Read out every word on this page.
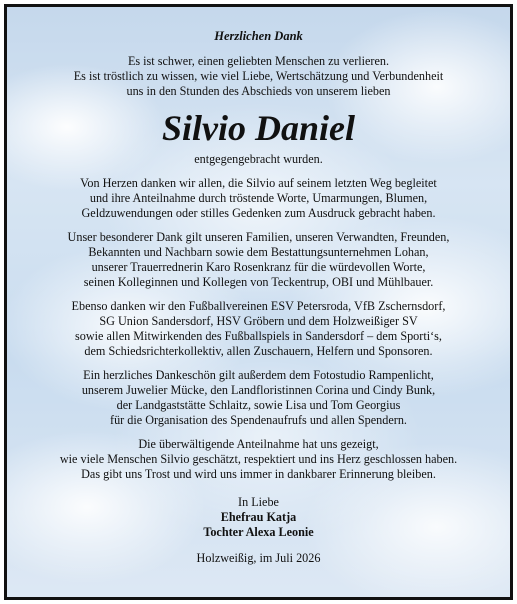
Herzlichen Dank

Es ist schwer, einen geliebten Menschen zu verlieren.
Es ist tröstlich zu wissen, wie viel Liebe, Wertschätzung und Verbundenheit
uns in den Stunden des Abschieds von unserem lieben

Silvio Daniel

entgegengebracht wurden.

Von Herzen danken wir allen, die Silvio auf seinem letzten Weg begleitet
und ihre Anteilnahme durch tröstende Worte, Umarmungen, Blumen,
Geldzuwendungen oder stilles Gedenken zum Ausdruck gebracht haben.

Unser besonderer Dank gilt unseren Familien, unseren Verwandten, Freunden,
Bekannten und Nachbarn sowie dem Bestattungsunternehmen Lohan,
unserer Trauerrednerin Karo Rosenkranz für die würdevollen Worte,
seinen Kolleginnen und Kollegen von Teckentrup, OBI und Mühlbauer.

Ebenso danken wir den Fußballvereinen ESV Petersroda, VfB Zschernsdorf,
SG Union Sandersdorf, HSV Gröbern und dem Holzweißiger SV
sowie allen Mitwirkenden des Fußballspiels in Sandersdorf – dem Sporti‘s,
dem Schiedsrichterkollektiv, allen Zuschauern, Helfern und Sponsoren.

Ein herzliches Dankeschön gilt außerdem dem Fotostudio Rampenlicht,
unserem Juwelier Mücke, den Landfloristinnen Corina und Cindy Bunk,
der Landgaststätte Schlaitz, sowie Lisa und Tom Georgius
für die Organisation des Spendenaufrufs und allen Spendern.

Die überwältigende Anteilnahme hat uns gezeigt,
wie viele Menschen Silvio geschätzt, respektiert und ins Herz geschlossen haben.
Das gibt uns Trost und wird uns immer in dankbarer Erinnerung bleiben.

In Liebe

Ehefrau Katja

Tochter Alexa Leonie

Holzweißig, im Juli 2026
